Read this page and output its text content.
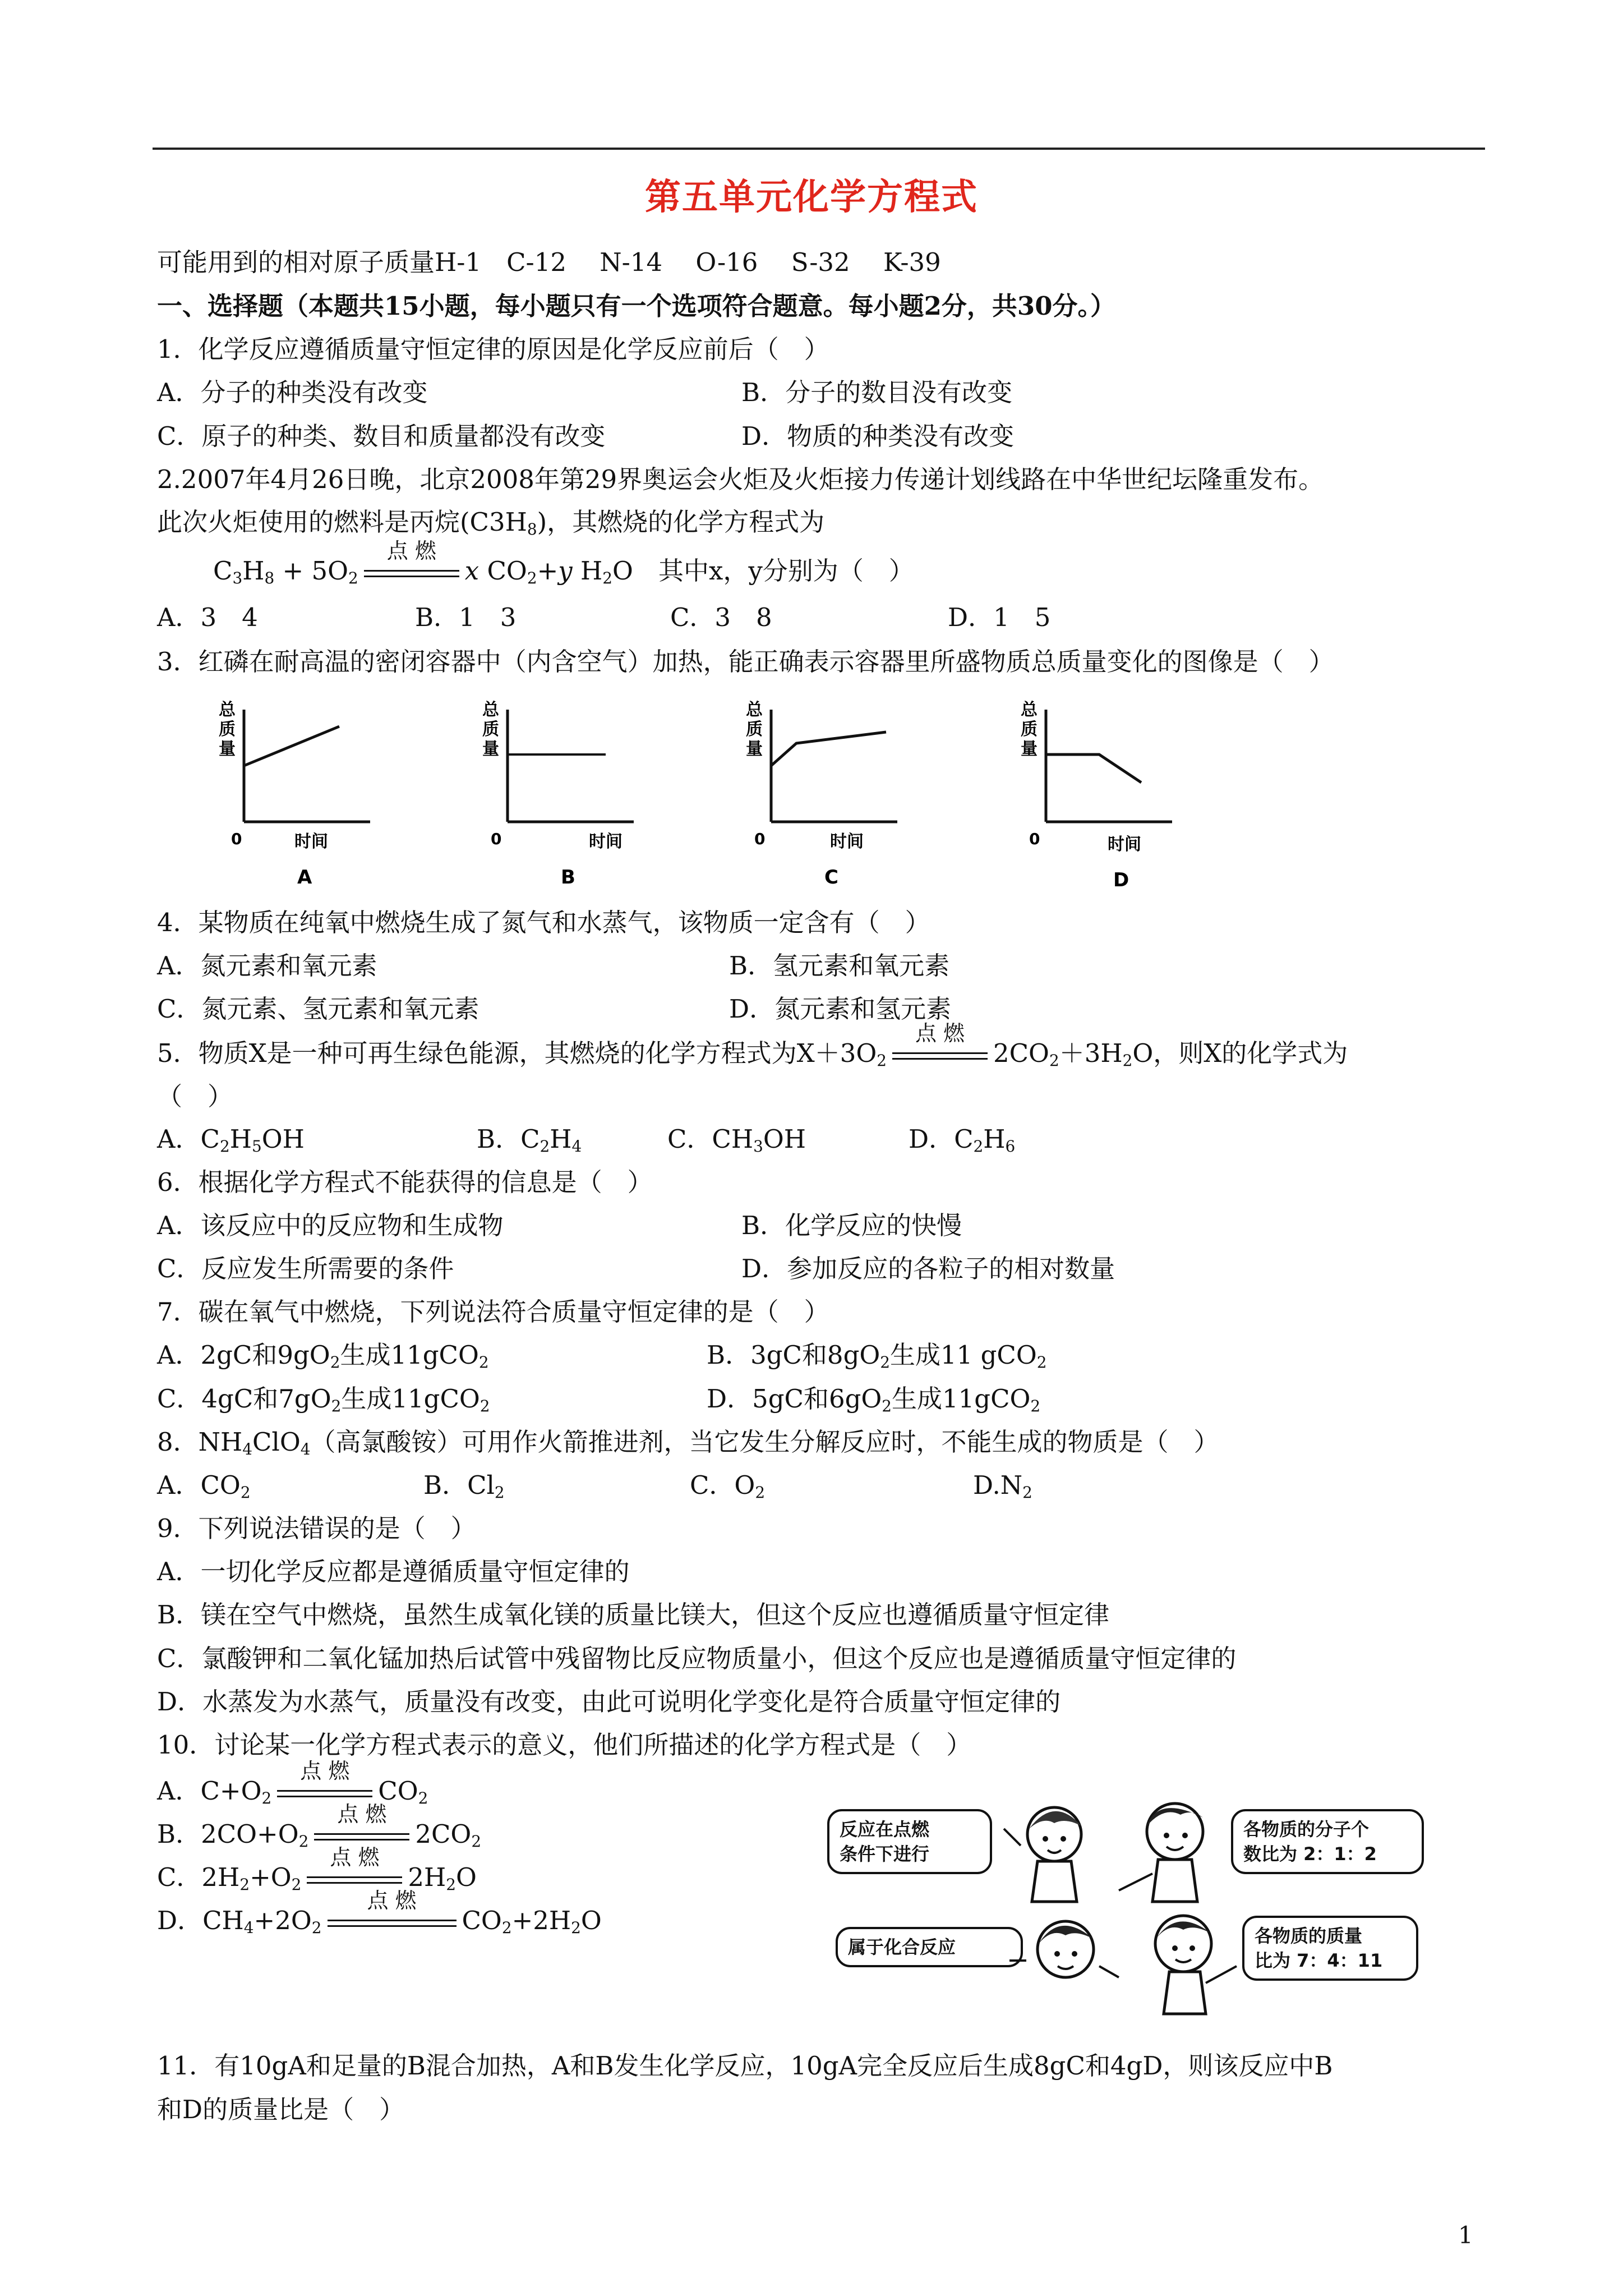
第五单元化学方程式
可能用到的相对原子质量H-1　C-12　 N-14　 O-16　 S-32　 K-39
一、选择题（本题共15小题，每小题只有一个选项符合题意。每小题2分，共30分。）
1．化学反应遵循质量守恒定律的原因是化学反应前后（　）
A．分子的种类没有改变	B．分子的数目没有改变
C．原子的种类、数目和质量都没有改变	D．物质的种类没有改变
2.2007年4月26日晚，北京2008年第29界奥运会火炬及火炬接力传递计划线路在中华世纪坛隆重发布。
此次火炬使用的燃料是丙烷$(C3H_8)$，其燃烧的化学方程式为
$C_3H_8 + 5O_2$
点 燃
x $CO_2+y$ $H_2O$　其中x，y分别为（　）
A．3　4	B．1　3	C．3　8	D．1　5
3．红磷在耐高温的密闭容器中（内含空气）加热，能正确表示容器里所盛物质总质量变化的图像是（　）
总
质
量
0	时间
A
总
质
量
0	时间
B
总
质
量
0	时间
C
总
质
量
0	时间
D
4．某物质在纯氧中燃烧生成了氮气和水蒸气，该物质一定含有（　）
A．氮元素和氧元素	B．氢元素和氧元素
C．氮元素、氢元素和氧元素	D．氮元素和氢元素
5．物质X是一种可再生绿色能源，其燃烧的化学方程式为$X+3O_2$
点 燃
$2CO_2+3H_2O$，则X的化学式为
（　）
A．$C_2H_5OH$	B．$C_2H_4$	C．$CH_3OH$	D．$C_2H_6$
6．根据化学方程式不能获得的信息是（　）
A．该反应中的反应物和生成物	B．化学反应的快慢
C．反应发生所需要的条件	D．参加反应的各粒子的相对数量
7．碳在氧气中燃烧，下列说法符合质量守恒定律的是（　）
A．2gC和$9gO_2$生成11gCO$_2$	B．3gC和$8gO_2$生成11 gCO$_2$
C．4gC和$7gO_2$生成11gCO$_2$	D．5gC和$6gO_2$生成11gCO$_2$
8．$NH_4ClO_4$（高氯酸铵）可用作火箭推进剂，当它发生分解反应时，不能生成的物质是（　）
A．$CO_2$	B．$Cl_2$	C．$O_2$	$D.N_2$
9．下列说法错误的是（　）
A．一切化学反应都是遵循质量守恒定律的
B．镁在空气中燃烧，虽然生成氧化镁的质量比镁大，但这个反应也遵循质量守恒定律
C．氯酸钾和二氧化锰加热后试管中残留物比反应物质量小，但这个反应也是遵循质量守恒定律的
D．水蒸发为水蒸气，质量没有改变，由此可说明化学变化是符合质量守恒定律的
10．讨论某一化学方程式表示的意义，他们所描述的化学方程式是（　）
A．$C+O_2$
点 燃
$CO_2$
B．$2CO+O_2$
点 燃
$2CO_2$
C．$2H_2+O_2$
点 燃
$2H_2O$
D．$CH_4+2O_2$
点 燃
$CO_2+2H_2O$
反应在点燃
条件下进行
各物质的分子个
数比为 2：1：2
属于化合反应
各物质的质量
比为 7：4：11
11．有10gA和足量的B混合加热，A和B发生化学反应，10gA完全反应后生成8gC和4gD，则该反应中B
和D的质量比是（　）
1
